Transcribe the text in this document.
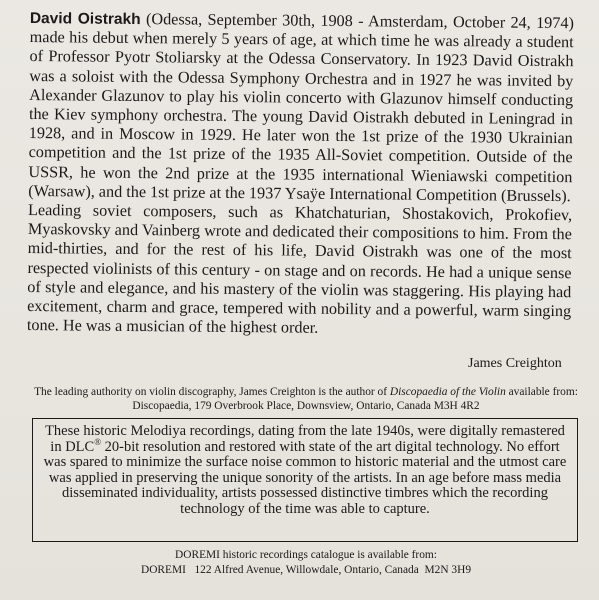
David Oistrakh (Odessa, September 30th, 1908 - Amsterdam, October 24, 1974) made his debut when merely 5 years of age, at which time he was already a student of Professor Pyotr Stoliarsky at the Odessa Conservatory. In 1923 David Oistrakh was a soloist with the Odessa Symphony Orchestra and in 1927 he was invited by Alexander Glazunov to play his violin concerto with Glazunov himself conducting the Kiev symphony orchestra. The young David Oistrakh debuted in Leningrad in 1928, and in Moscow in 1929. He later won the 1st prize of the 1930 Ukrainian competition and the 1st prize of the 1935 All-Soviet competition. Outside of the USSR, he won the 2nd prize at the 1935 international Wieniawski competition (Warsaw), and the 1st prize at the 1937 Ysaÿe International Competition (Brussels).

Leading soviet composers, such as Khatchaturian, Shostakovich, Prokofiev, Myaskovsky and Vainberg wrote and dedicated their compositions to him. From the mid-thirties, and for the rest of his life, David Oistrakh was one of the most respected violinists of this century - on stage and on records. He had a unique sense of style and elegance, and his mastery of the violin was staggering. His playing had excitement, charm and grace, tempered with nobility and a powerful, warm singing tone. He was a musician of the highest order.

James Creighton
The leading authority on violin discography, James Creighton is the author of Discopaedia of the Violin available from: Discopaedia, 179 Overbrook Place, Downsview, Ontario, Canada M3H 4R2
These historic Melodiya recordings, dating from the late 1940s, were digitally remastered in DLC® 20-bit resolution and restored with state of the art digital technology. No effort was spared to minimize the surface noise common to historic material and the utmost care was applied in preserving the unique sonority of the artists. In an age before mass media disseminated individuality, artists possessed distinctive timbres which the recording technology of the time was able to capture.
DOREMI historic recordings catalogue is available from:
DOREMI 122 Alfred Avenue, Willowdale, Ontario, Canada M2N 3H9
